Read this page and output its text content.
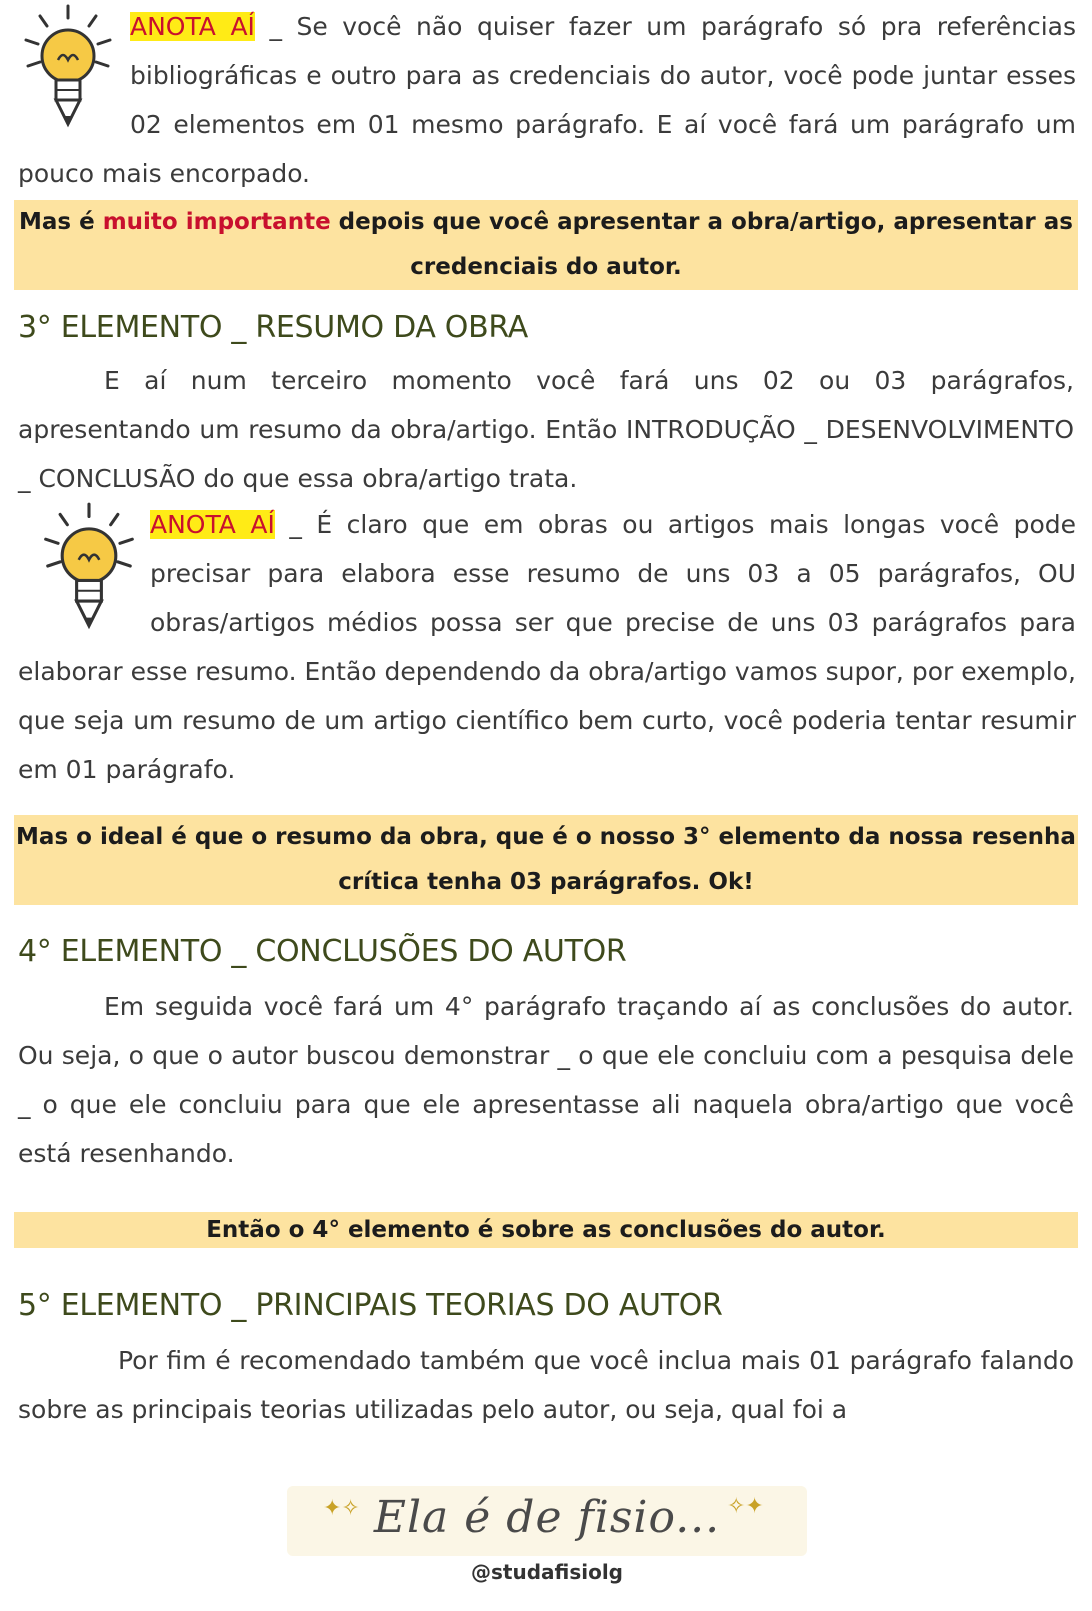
ANOTA AÍ _ Se você não quiser fazer um parágrafo só pra referências bibliográficas e outro para as credenciais do autor, você pode juntar esses 02 elementos em 01 mesmo parágrafo. E aí você fará um parágrafo um pouco mais encorpado.
Mas é muito importante depois que você apresentar a obra/artigo, apresentar as credenciais do autor.
3° ELEMENTO _ RESUMO DA OBRA

E aí num terceiro momento você fará uns 02 ou 03 parágrafos, apresentando um resumo da obra/artigo. Então INTRODUÇÃO _ DESENVOLVIMENTO _ CONCLUSÃO do que essa obra/artigo trata.

ANOTA AÍ _ É claro que em obras ou artigos mais longas você pode precisar para elabora esse resumo de uns 03 a 05 parágrafos, OU obras/artigos médios possa ser que precise de uns 03 parágrafos para elaborar esse resumo. Então dependendo da obra/artigo vamos supor, por exemplo, que seja um resumo de um artigo científico bem curto, você poderia tentar resumir em 01 parágrafo.
Mas o ideal é que o resumo da obra, que é o nosso 3° elemento da nossa resenha crítica tenha 03 parágrafos. Ok!
4° ELEMENTO _ CONCLUSÕES DO AUTOR

Em seguida você fará um 4° parágrafo traçando aí as conclusões do autor. Ou seja, o que o autor buscou demonstrar _ o que ele concluiu com a pesquisa dele _ o que ele concluiu para que ele apresentasse ali naquela obra/artigo que você está resenhando.

Então o 4° elemento é sobre as conclusões do autor.
5° ELEMENTO _ PRINCIPAIS TEORIAS DO AUTOR

Por fim é recomendado também que você inclua mais 01 parágrafo falando sobre as principais teorias utilizadas pelo autor, ou seja, qual foi a

✦✧	✧✦
Ela é de fisio...
@studafisiolg
